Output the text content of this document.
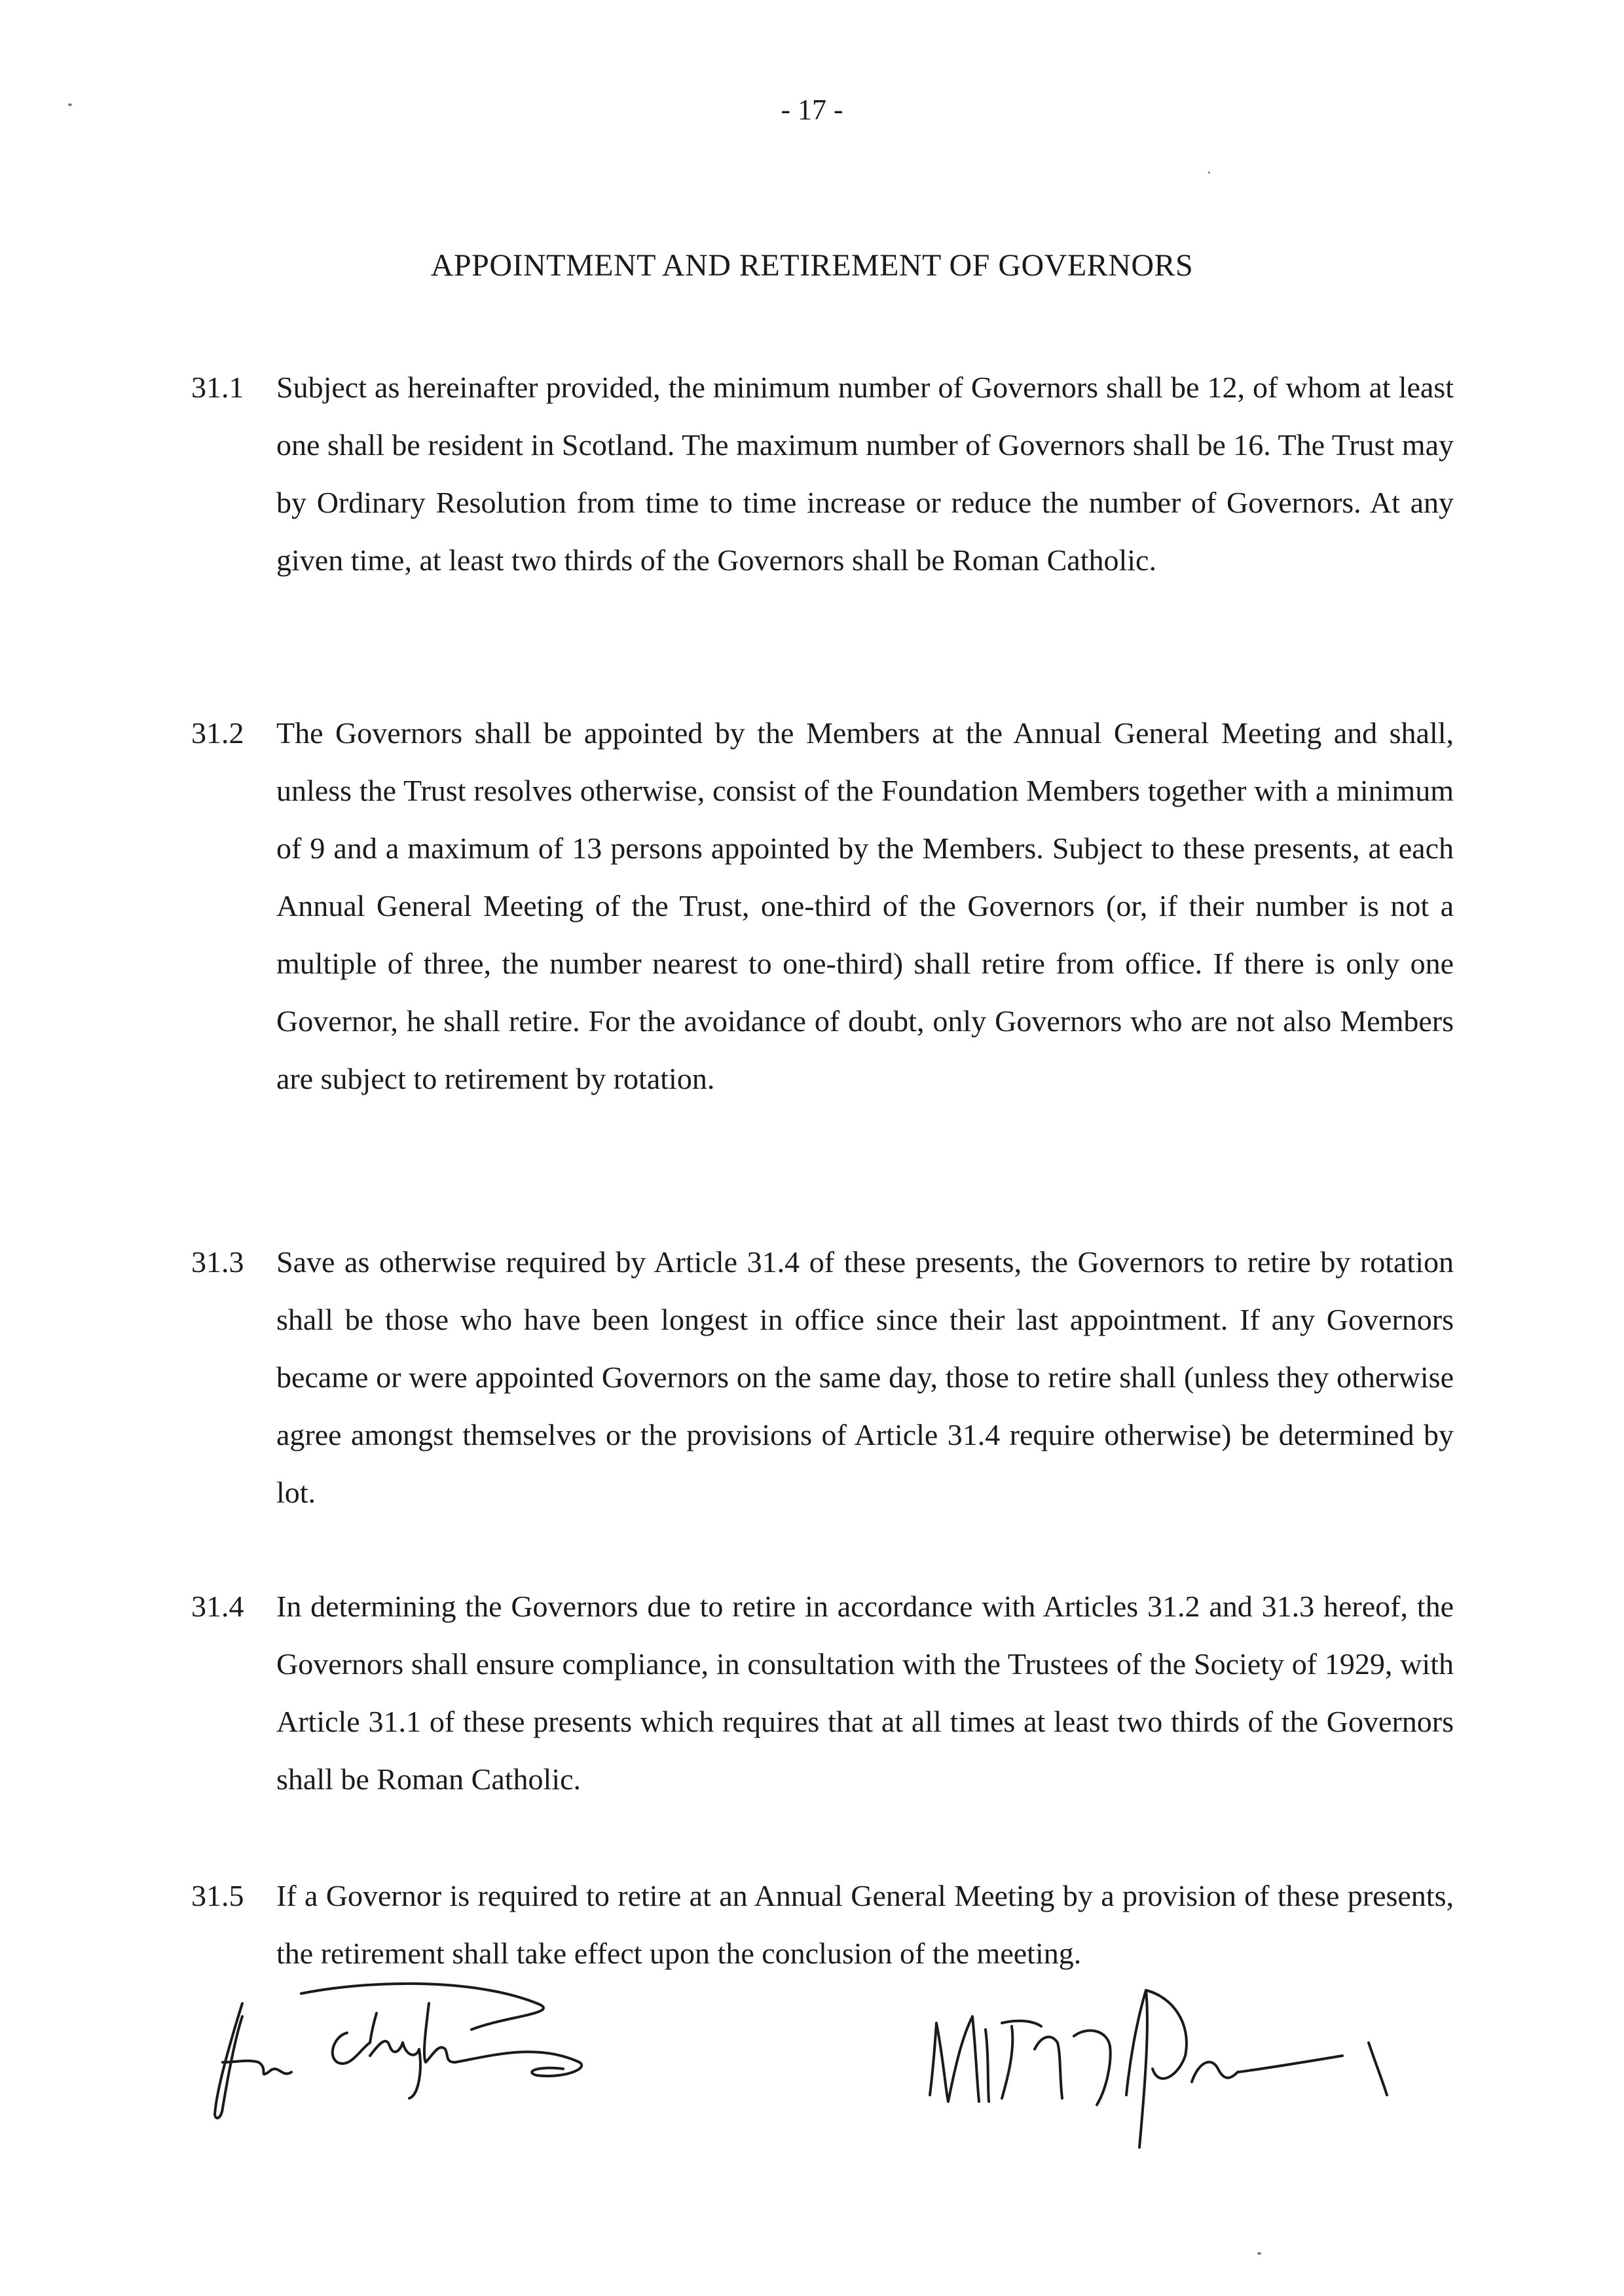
- 17 -
APPOINTMENT AND RETIREMENT OF GOVERNORS
31.1	Subject as hereinafter provided, the minimum number of Governors shall be 12, of whom at least one shall be resident in Scotland. The maximum number of Governors shall be 16. The Trust may by Ordinary Resolution from time to time increase or reduce the number of Governors. At any given time, at least two thirds of the Governors shall be Roman Catholic.
31.2	The Governors shall be appointed by the Members at the Annual General Meeting and shall, unless the Trust resolves otherwise, consist of the Foundation Members together with a minimum of 9 and a maximum of 13 persons appointed by the Members. Subject to these presents, at each Annual General Meeting of the Trust, one-third of the Governors (or, if their number is not a multiple of three, the number nearest to one-third) shall retire from office. If there is only one Governor, he shall retire. For the avoidance of doubt, only Governors who are not also Members are subject to retirement by rotation.
31.3	Save as otherwise required by Article 31.4 of these presents, the Governors to retire by rotation shall be those who have been longest in office since their last appointment. If any Governors became or were appointed Governors on the same day, those to retire shall (unless they otherwise agree amongst themselves or the provisions of Article 31.4 require otherwise) be determined by lot.
31.4	In determining the Governors due to retire in accordance with Articles 31.2 and 31.3 hereof, the Governors shall ensure compliance, in consultation with the Trustees of the Society of 1929, with Article 31.1 of these presents which requires that at all times at least two thirds of the Governors shall be Roman Catholic.
31.5	If a Governor is required to retire at an Annual General Meeting by a provision of these presents, the retirement shall take effect upon the conclusion of the meeting.
